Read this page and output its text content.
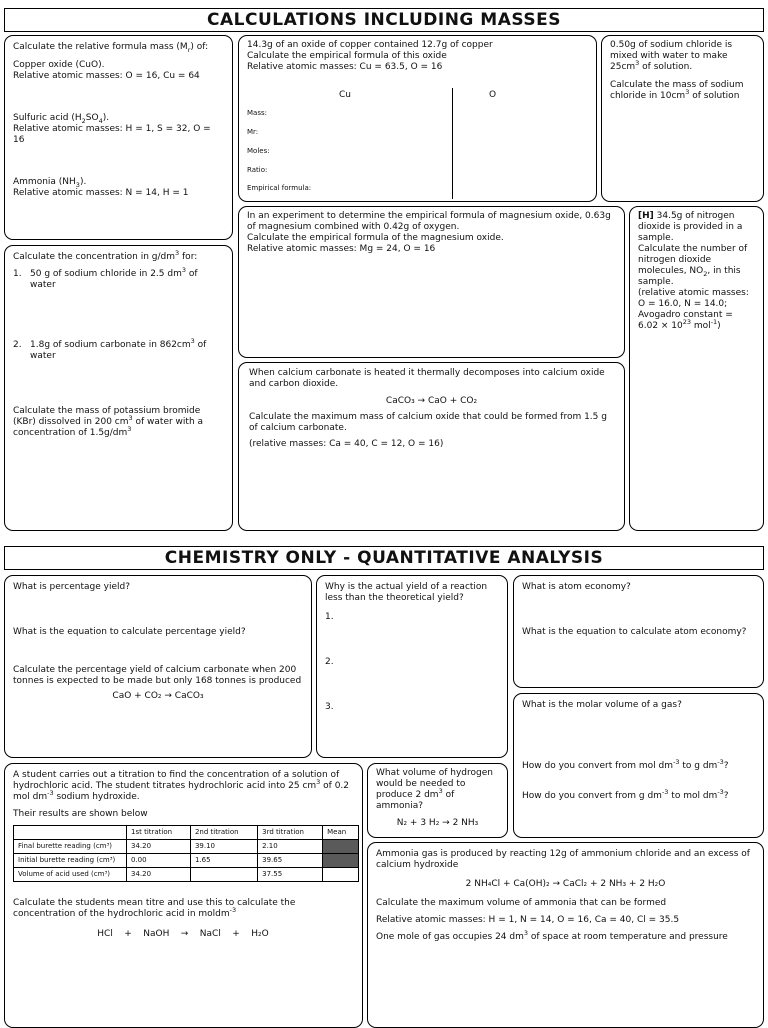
CALCULATIONS INCLUDING MASSES

Calculate the relative formula mass $(M_r)$ of:

Copper oxide (CuO).

Relative atomic masses: O = 16, Cu = 64

Sulfuric acid $(H_2SO_4)$.

Relative atomic masses: H = 1, S = 32, O = 16

Ammonia $(NH_3)$.

Relative atomic masses: N = 14, H = 1

14.3g of an oxide of copper contained 12.7g of copper

Calculate the empirical formula of this oxide

Relative atomic masses: Cu = 63.5, O = 16

Cu	O
Mass:
Mr:
Moles:
Ratio:
Empirical formula:

0.50g of sodium chloride is mixed with water to make $25cm^3$ of solution.

Calculate the mass of sodium chloride in $10cm^3$ of solution

Calculate the concentration in $g/dm^3$ for:

1. 50 g of sodium chloride in 2.5 $dm^3$ of water
2. 1.8g of sodium carbonate in $862cm^3$ of water

Calculate the mass of potassium bromide (KBr) dissolved in 200 $cm^3$ of water with a concentration of $1.5g/dm^3$

In an experiment to determine the empirical formula of magnesium oxide, 0.63g of magnesium combined with 0.42g of oxygen.

Calculate the empirical formula of the magnesium oxide.

Relative atomic masses: Mg = 24, O = 16

[H] 34.5g of nitrogen dioxide is provided in a sample.

Calculate the number of nitrogen dioxide molecules, $NO_2$, in this sample.

(relative atomic masses: O = 16.0, N = 14.0;

Avogadro constant =

$6.02 \times 10^{23}$ mol$^{-1}$)

When calcium carbonate is heated it thermally decomposes into calcium oxide and carbon dioxide.

CaCO₃ → CaO + CO₂

Calculate the maximum mass of calcium oxide that could be formed from 1.5 g of calcium carbonate.

(relative masses: Ca = 40, C = 12, O = 16)

CHEMISTRY ONLY - QUANTITATIVE ANALYSIS

What is percentage yield?

What is the equation to calculate percentage yield?

Calculate the percentage yield of calcium carbonate when 200 tonnes is expected to be made but only 168 tonnes is produced

CaO + CO₂ → CaCO₃

Why is the actual yield of a reaction less than the theoretical yield?

1.

2.

3.

What is atom economy?

What is the equation to calculate atom economy?

What is the molar volume of a gas?

How do you convert from mol $dm^{-3}$ to g $dm^{-3}$?

How do you convert from g $dm^{-3}$ to mol $dm^{-3}$?

A student carries out a titration to find the concentration of a solution of hydrochloric acid. The student titrates hydrochloric acid into 25 $cm^3$ of 0.2 mol $dm^{-3}$ sodium hydroxide.

Their results are shown below

	1st titration	2nd titration	3rd titration	Mean
Final burette reading (cm³)	34.20	39.10	2.10	
Initial burette reading (cm³)	0.00	1.65	39.65	
Volume of acid used (cm³)	34.20		37.55	

Calculate the students mean titre and use this to calculate the concentration of the hydrochloric acid in moldm$^{-3}$

HCl    +    NaOH    →    NaCl    +    H₂O

What volume of hydrogen would be needed to produce 2 $dm^3$ of ammonia?

N₂ + 3 H₂ → 2 NH₃

Ammonia gas is produced by reacting 12g of ammonium chloride and an excess of calcium hydroxide

2 NH₄Cl + Ca(OH)₂ → CaCl₂ + 2 NH₃ + 2 H₂O

Calculate the maximum volume of ammonia that can be formed

Relative atomic masses: H = 1, N = 14, O = 16, Ca = 40, Cl = 35.5

One mole of gas occupies 24 $dm^3$ of space at room temperature and pressure
